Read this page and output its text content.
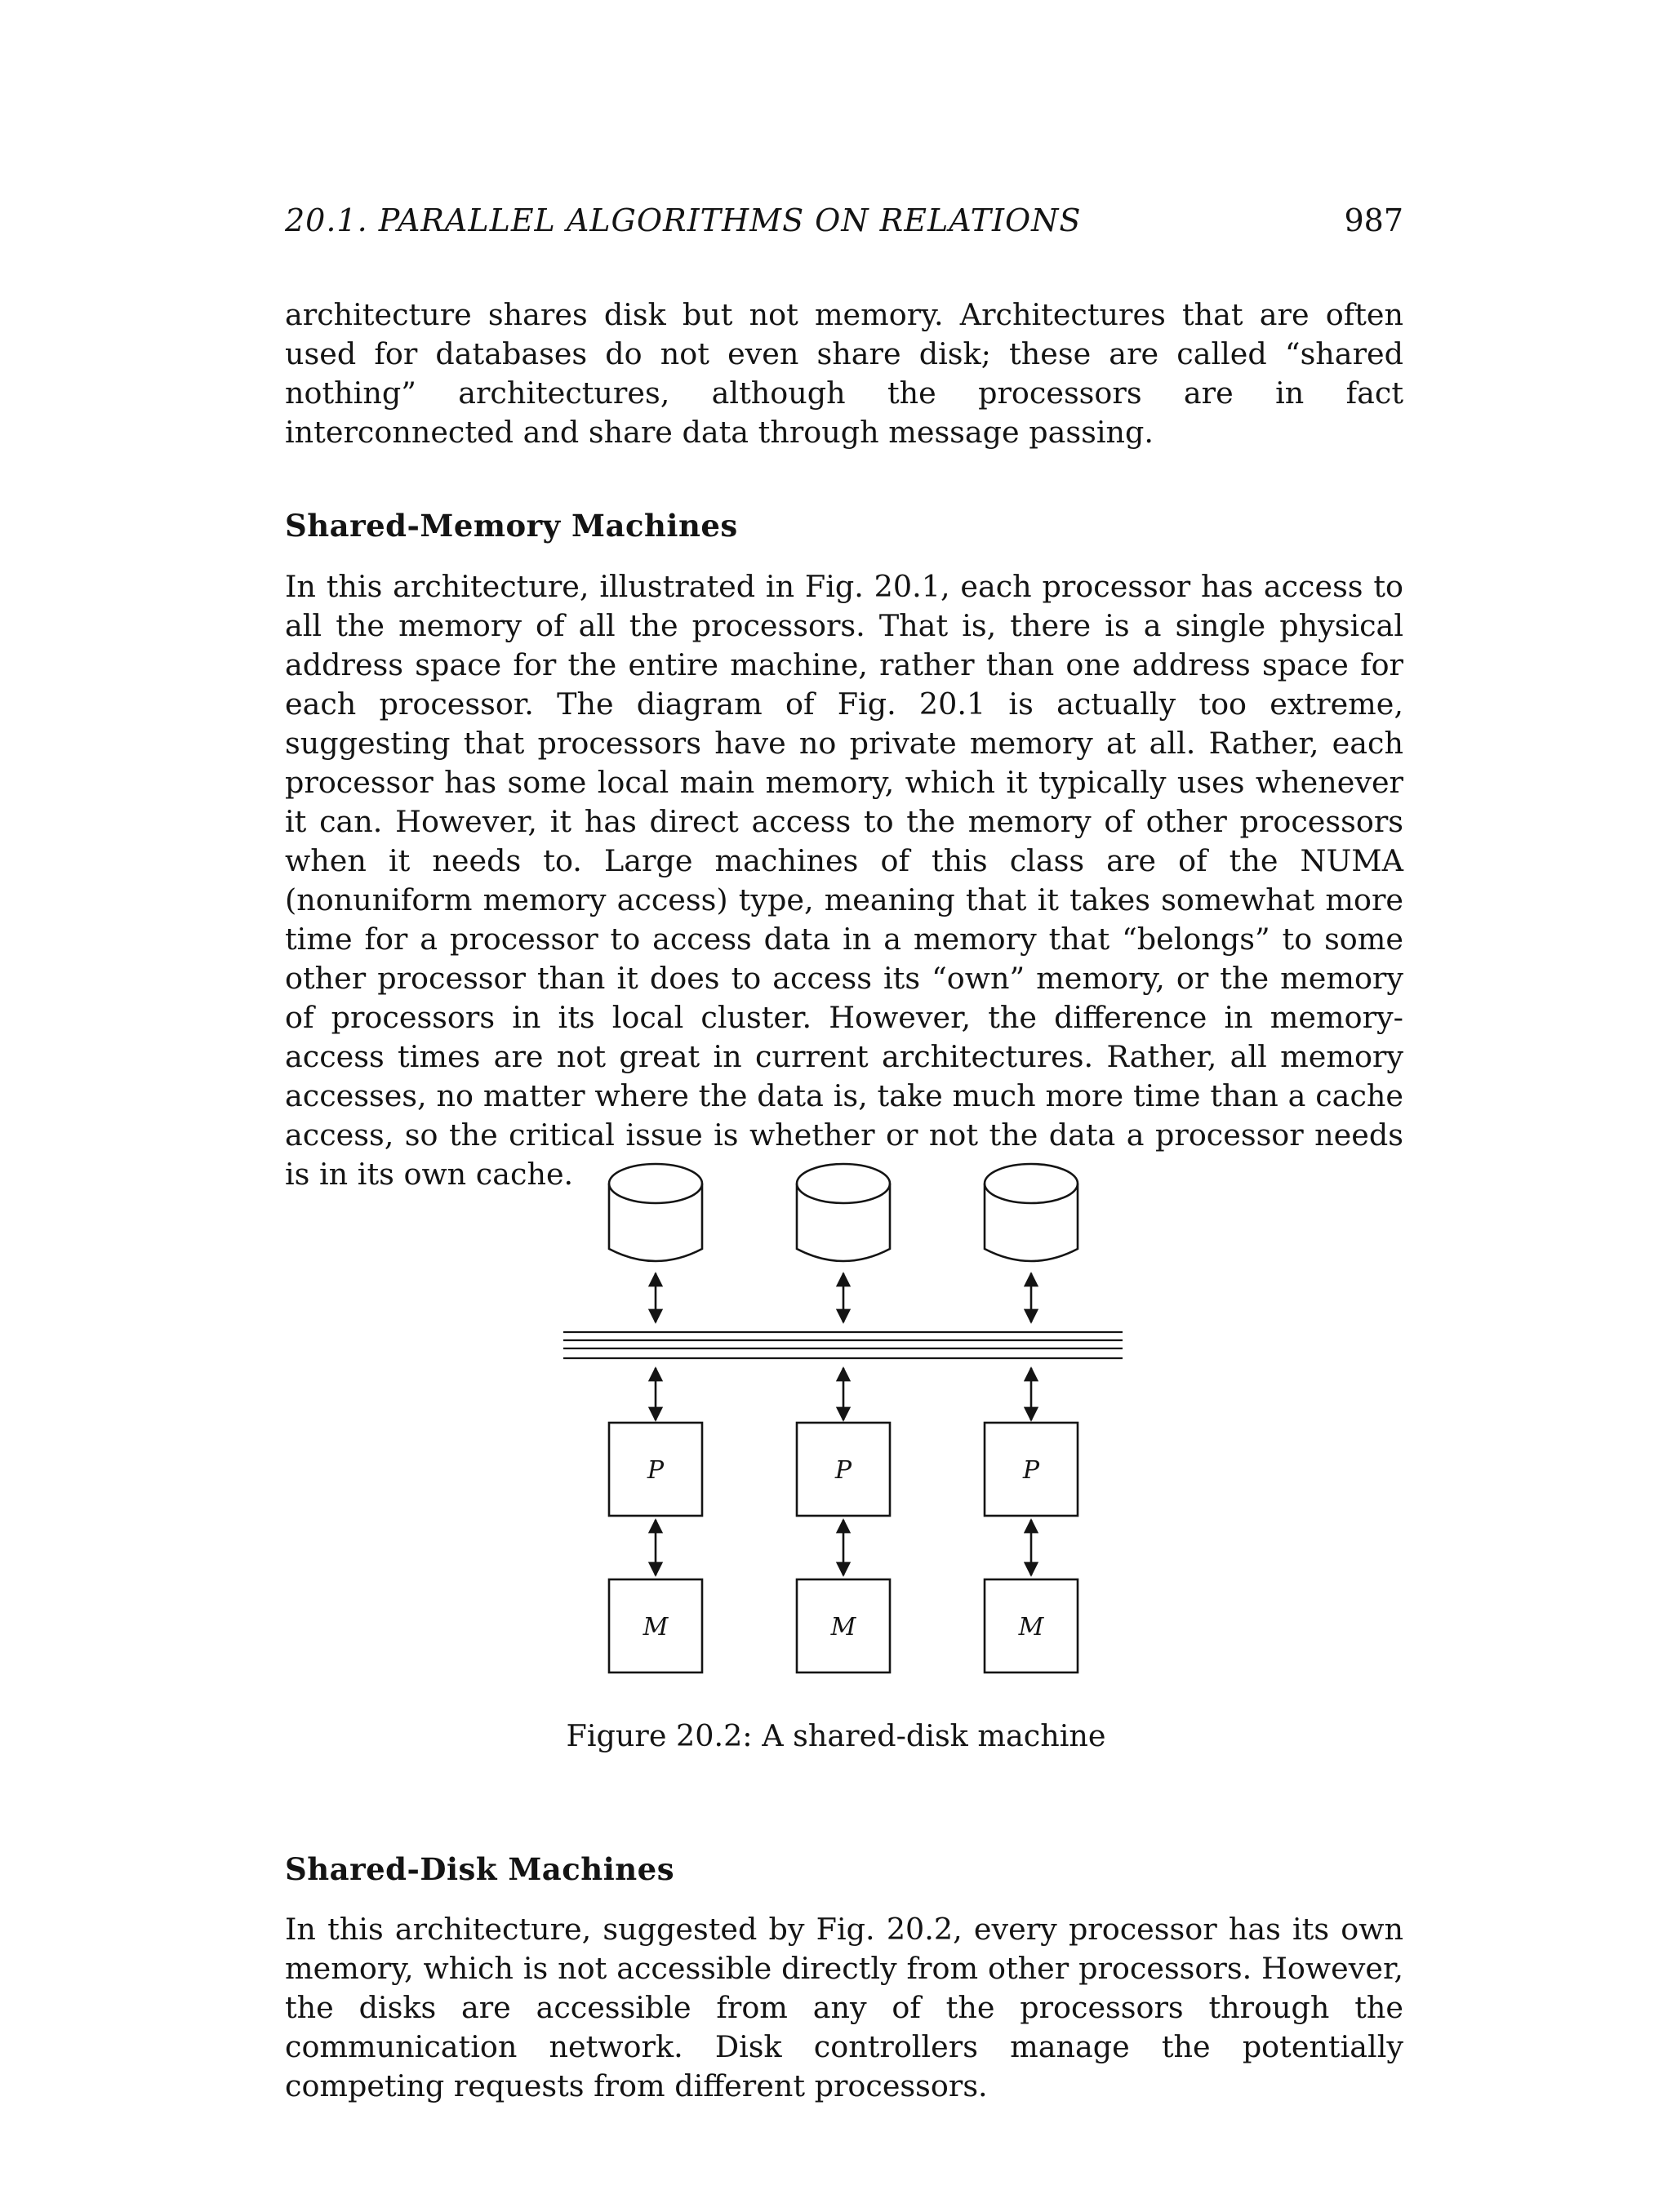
20.1. PARALLEL ALGORITHMS ON RELATIONS	987

architecture shares disk but not memory. Architectures that are often used for databases do not even share disk; these are called “shared nothing” architectures, although the processors are in fact interconnected and share data through message passing.

Shared-Memory Machines

In this architecture, illustrated in Fig. 20.1, each processor has access to all the memory of all the processors. That is, there is a single physical address space for the entire machine, rather than one address space for each processor. The diagram of Fig. 20.1 is actually too extreme, suggesting that processors have no private memory at all. Rather, each processor has some local main memory, which it typically uses whenever it can. However, it has direct access to the memory of other processors when it needs to. Large machines of this class are of the NUMA (nonuniform memory access) type, meaning that it takes somewhat more time for a processor to access data in a memory that “belongs” to some other processor than it does to access its “own” memory, or the memory of processors in its local cluster. However, the difference in memory-access times are not great in current architectures. Rather, all memory accesses, no matter where the data is, take much more time than a cache access, so the critical issue is whether or not the data a processor needs is in its own cache.

P	P	P
M	M	M

Figure 20.2: A shared-disk machine

Shared-Disk Machines

In this architecture, suggested by Fig. 20.2, every processor has its own memory, which is not accessible directly from other processors. However, the disks are accessible from any of the processors through the communication network. Disk controllers manage the potentially competing requests from different processors.
